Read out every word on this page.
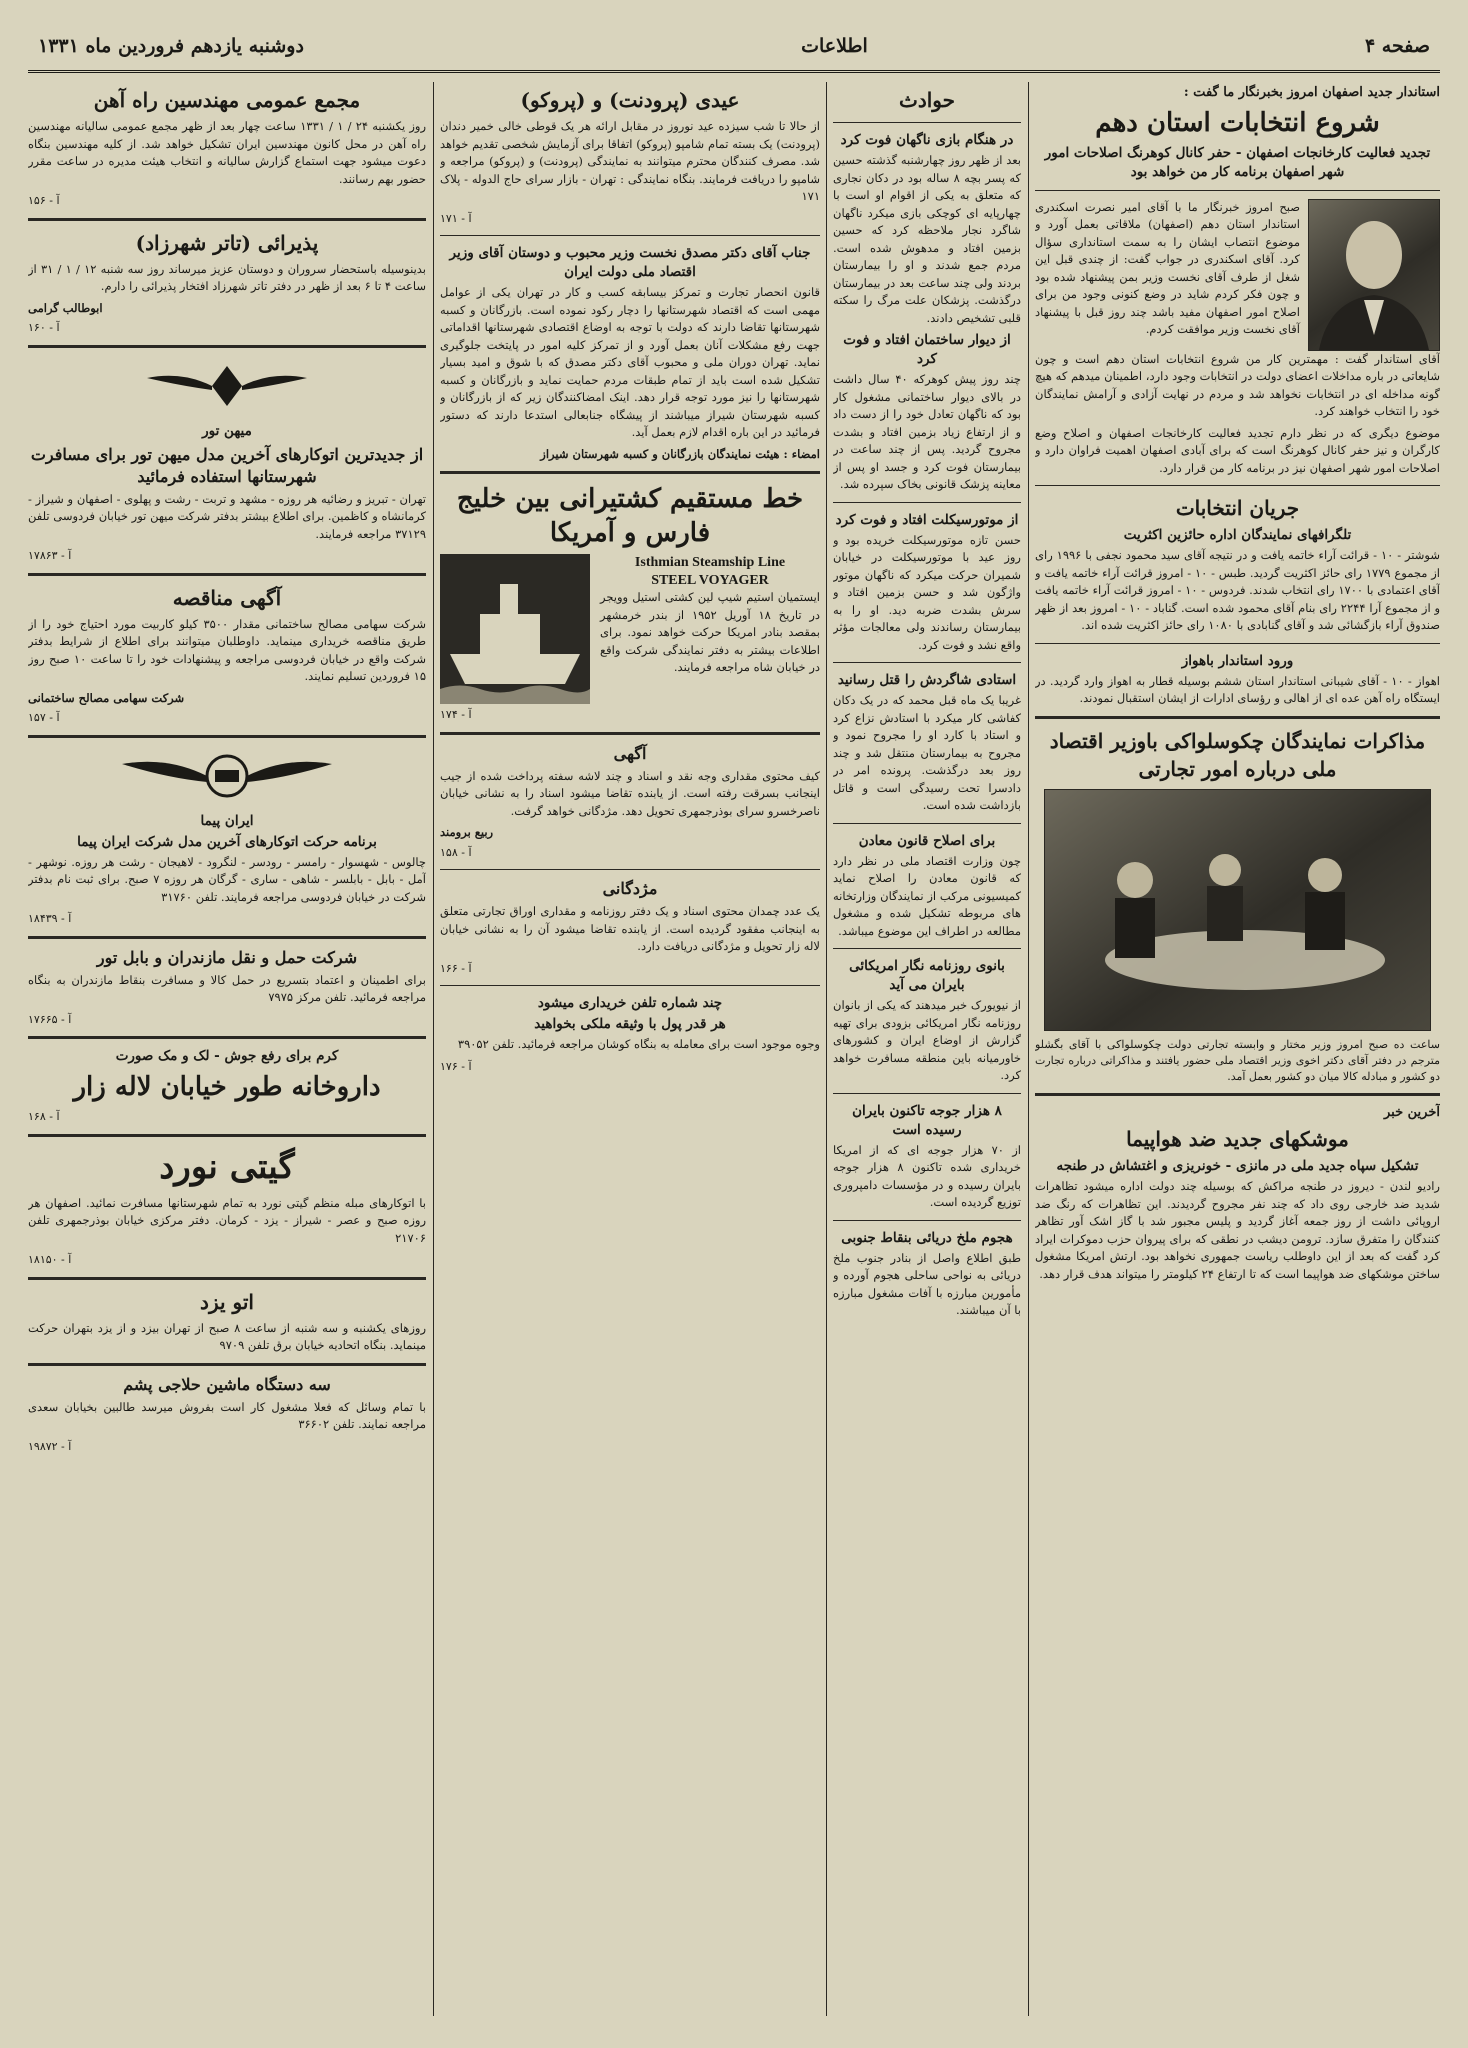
دوشنبه یازدهم فروردین ماه ۱۳۳۱	اطلاعات	صفحه ۴
استاندار جدید اصفهان امروز بخبرنگار ما گفت :
شروع انتخابات استان دهم
تجدید فعالیت کارخانجات اصفهان - حفر کانال کوهرنگ اصلاحات امور شهر اصفهان برنامه کار من خواهد بود

صبح امروز خبرنگار ما با آقای امیر نصرت اسکندری استاندار استان دهم (اصفهان) ملاقاتی بعمل آورد و موضوع انتصاب ایشان را به سمت استانداری سؤال کرد. آقای اسکندری در جواب گفت: از چندی قبل این شغل از طرف آقای نخست وزیر بمن پیشنهاد شده بود و چون فکر کردم شاید در وضع کنونی وجود من برای اصلاح امور اصفهان مفید باشد چند روز قبل با پیشنهاد آقای نخست وزیر موافقت کردم.

آقای استاندار گفت : مهمترین کار من شروع انتخابات استان دهم است و چون شایعاتی در باره مداخلات اعضای دولت در انتخابات وجود دارد، اطمینان میدهم که هیچ گونه مداخله ای در انتخابات نخواهد شد و مردم در نهایت آزادی و آرامش نمایندگان خود را انتخاب خواهند کرد.

موضوع دیگری که در نظر دارم تجدید فعالیت کارخانجات اصفهان و اصلاح وضع کارگران و نیز حفر کانال کوهرنگ است که برای آبادی اصفهان اهمیت فراوان دارد و اصلاحات امور شهر اصفهان نیز در برنامه کار من قرار دارد.

جریان انتخابات
تلگرافهای نمایندگان اداره حائزین اکثریت

شوشتر - ۱۰ - قرائت آراء خاتمه یافت و در نتیجه آقای سید محمود نجفی با ۱۹۹۶ رای از مجموع ۱۷۷۹ رای حائز اکثریت گردید. طبس - ۱۰ - امروز قرائت آراء خاتمه یافت و آقای اعتمادی با ۱۷۰۰ رای انتخاب شدند. فردوس - ۱۰ - امروز قرائت آراء خاتمه یافت و از مجموع آرا ۲۲۴۴ رای بنام آقای محمود شده است. گناباد - ۱۰ - امروز بعد از ظهر صندوق آراء بازگشائی شد و آقای گنابادی با ۱۰۸۰ رای حائز اکثریت شده اند.

ورود استاندار باهواز

اهواز - ۱۰ - آقای شیبانی استاندار استان ششم بوسیله قطار به اهواز وارد گردید. در ایستگاه راه آهن عده ای از اهالی و رؤسای ادارات از ایشان استقبال نمودند.

مذاکرات نمایندگان چکوسلواکی باوزیر اقتصاد ملی درباره امور تجارتی

ساعت ده صبح امروز وزیر مختار و وابسته تجارتی دولت چکوسلواکی با آقای بگشلو مترجم در دفتر آقای دکتر اخوی وزیر اقتصاد ملی حضور یافتند و مذاکراتی درباره تجارت دو کشور و مبادله کالا میان دو کشور بعمل آمد.

آخرین خبر
موشکهای جدید ضد هواپیما
تشکیل سپاه جدید ملی در مانزی - خونریزی و اغتشاش در طنجه

رادیو لندن - دیروز در طنجه مراکش که بوسیله چند دولت اداره میشود تظاهرات شدید ضد خارجی روی داد که چند نفر مجروح گردیدند. این تظاهرات که رنگ ضد اروپائی داشت از روز جمعه آغاز گردید و پلیس مجبور شد با گاز اشک آور تظاهر کنندگان را متفرق سازد. ترومن دیشب در نطقی که برای پیروان حزب دموکرات ایراد کرد گفت که بعد از این داوطلب ریاست جمهوری نخواهد بود. ارتش امریکا مشغول ساختن موشکهای ضد هواپیما است که تا ارتفاع ۲۴ کیلومتر را میتواند هدف قرار دهد.

حوادث
در هنگام بازی ناگهان فوت کرد

بعد از ظهر روز چهارشنبه گذشته حسین که پسر بچه ۸ ساله بود در دکان نجاری که متعلق به یکی از اقوام او است با چهارپایه ای کوچکی بازی میکرد ناگهان شاگرد نجار ملاحظه کرد که حسین بزمین افتاد و مدهوش شده است. مردم جمع شدند و او را بیمارستان بردند ولی چند ساعت بعد در بیمارستان درگذشت. پزشکان علت مرگ را سکته قلبی تشخیص دادند.

از دیوار ساختمان افتاد و فوت کرد

چند روز پیش کوهرکه ۴۰ سال داشت در بالای دیوار ساختمانی مشغول کار بود که ناگهان تعادل خود را از دست داد و از ارتفاع زیاد بزمین افتاد و بشدت مجروح گردید. پس از چند ساعت در بیمارستان فوت کرد و جسد او پس از معاینه پزشک قانونی بخاک سپرده شد.

از موتورسیکلت افتاد و فوت کرد

حسن تازه موتورسیکلت خریده بود و روز عید با موتورسیکلت در خیابان شمیران حرکت میکرد که ناگهان موتور واژگون شد و حسن بزمین افتاد و سرش بشدت ضربه دید. او را به بیمارستان رساندند ولی معالجات مؤثر واقع نشد و فوت کرد.

استادی شاگردش را قتل رسانید

غریبا یک ماه قبل محمد که در یک دکان کفاشی کار میکرد با استادش نزاع کرد و استاد با کارد او را مجروح نمود و مجروح به بیمارستان منتقل شد و چند روز بعد درگذشت. پرونده امر در دادسرا تحت رسیدگی است و قاتل بازداشت شده است.

برای اصلاح قانون معادن

چون وزارت اقتصاد ملی در نظر دارد که قانون معادن را اصلاح نماید کمیسیونی مرکب از نمایندگان وزارتخانه های مربوطه تشکیل شده و مشغول مطالعه در اطراف این موضوع میباشد.

بانوی روزنامه نگار امریکائی بایران می آید

از نیویورک خبر میدهند که یکی از بانوان روزنامه نگار امریکائی بزودی برای تهیه گزارش از اوضاع ایران و کشورهای خاورمیانه باین منطقه مسافرت خواهد کرد.

۸ هزار جوجه تاکنون بایران رسیده است

از ۷۰ هزار جوجه ای که از امریکا خریداری شده تاکنون ۸ هزار جوجه بایران رسیده و در مؤسسات دامپروری توزیع گردیده است.

هجوم ملخ دریائی بنقاط جنوبی

طبق اطلاع واصل از بنادر جنوب ملخ دریائی به نواحی ساحلی هجوم آورده و مأمورین مبارزه با آفات مشغول مبارزه با آن میباشند.

عیدی (پرودنت) و (پروکو)

از حالا تا شب سیزده عید نوروز در مقابل ارائه هر یک قوطی خالی خمیر دندان (پرودنت) یک بسته تمام شامپو (پروکو) اتفاقا برای آزمایش شخصی تقدیم خواهد شد. مصرف کنندگان محترم میتوانند به نمایندگی (پرودنت) و (پروکو) مراجعه و شامپو را دریافت فرمایند. بنگاه نمایندگی : تهران - بازار سرای حاج الدوله - پلاک ۱۷۱

آ - ۱۷۱
جناب آقای دکتر مصدق نخست وزیر محبوب و دوستان آقای وزیر اقتصاد ملی دولت ایران

قانون انحصار تجارت و تمرکز بیسابقه کسب و کار در تهران یکی از عوامل مهمی است که اقتصاد شهرستانها را دچار رکود نموده است. بازرگانان و کسبه شهرستانها تقاضا دارند که دولت با توجه به اوضاع اقتصادی شهرستانها اقداماتی جهت رفع مشکلات آنان بعمل آورد و از تمرکز کلیه امور در پایتخت جلوگیری نماید. تهران دوران ملی و محبوب آقای دکتر مصدق که با شوق و امید بسیار تشکیل شده است باید از تمام طبقات مردم حمایت نماید و بازرگانان و کسبه شهرستانها را نیز مورد توجه قرار دهد. اینک امضاکنندگان زیر که از بازرگانان و کسبه شهرستان شیراز میباشند از پیشگاه جنابعالی استدعا دارند که دستور فرمائید در این باره اقدام لازم بعمل آید.

امضاء : هیئت نمایندگان بازرگانان و کسبه شهرستان شیراز

خط مستقیم کشتیرانی بین خلیج فارس و آمریکا
Isthmian Steamship Line
STEEL VOYAGER

ایستمیان استیم شیپ لین کشتی استیل وویجر در تاریخ ۱۸ آوریل ۱۹۵۲ از بندر خرمشهر بمقصد بنادر امریکا حرکت خواهد نمود. برای اطلاعات بیشتر به دفتر نمایندگی شرکت واقع در خیابان شاه مراجعه فرمایند.

آ - ۱۷۴
آگهی

کیف محتوی مقداری وجه نقد و اسناد و چند لاشه سفته پرداخت شده از جیب اینجانب بسرقت رفته است. از یابنده تقاضا میشود اسناد را به نشانی خیابان ناصرخسرو سرای بوذرجمهری تحویل دهد. مژدگانی خواهد گرفت.

ربیع برومند
آ - ۱۵۸
مژدگانی

یک عدد چمدان محتوی اسناد و یک دفتر روزنامه و مقداری اوراق تجارتی متعلق به اینجانب مفقود گردیده است. از یابنده تقاضا میشود آن را به نشانی خیابان لاله زار تحویل و مژدگانی دریافت دارد.

آ - ۱۶۶
چند شماره تلفن خریداری میشود
هر قدر پول با وثیقه ملکی بخواهید

وجوه موجود است برای معامله به بنگاه کوشان مراجعه فرمائید. تلفن ۳۹۰۵۲

آ - ۱۷۶
مجمع عمومی مهندسین راه آهن

روز یکشنبه ۲۴ / ۱ / ۱۳۳۱ ساعت چهار بعد از ظهر مجمع عمومی سالیانه مهندسین راه آهن در محل کانون مهندسین ایران تشکیل خواهد شد. از کلیه مهندسین بنگاه دعوت میشود جهت استماع گزارش سالیانه و انتخاب هیئت مدیره در ساعت مقرر حضور بهم رسانند.

آ - ۱۵۶
پذیرائی (تاتر شهرزاد)

بدینوسیله باستحضار سروران و دوستان عزیز میرساند روز سه شنبه ۱۲ / ۱ / ۳۱ از ساعت ۴ تا ۶ بعد از ظهر در دفتر تاتر شهرزاد افتخار پذیرائی را دارم.

ابوطالب گرامی
آ - ۱۶۰
میهن تور
از جدیدترین اتوکارهای آخرین مدل میهن تور برای مسافرت شهرستانها استفاده فرمائید

تهران - تبریز و رضائیه هر روزه - مشهد و تربت - رشت و پهلوی - اصفهان و شیراز - کرمانشاه و کاظمین. برای اطلاع بیشتر بدفتر شرکت میهن تور خیابان فردوسی تلفن ۳۷۱۲۹ مراجعه فرمایند.

آ - ۱۷۸۶۳
آگهی مناقصه

شرکت سهامی مصالح ساختمانی مقدار ۳۵۰۰ کیلو کاربیت مورد احتیاج خود را از طریق مناقصه خریداری مینماید. داوطلبان میتوانند برای اطلاع از شرایط بدفتر شرکت واقع در خیابان فردوسی مراجعه و پیشنهادات خود را تا ساعت ۱۰ صبح روز ۱۵ فروردین تسلیم نمایند.

شرکت سهامی مصالح ساختمانی
آ - ۱۵۷
ایران پیما
برنامه حرکت اتوکارهای آخرین مدل شرکت ایران پیما

چالوس - شهسوار - رامسر - رودسر - لنگرود - لاهیجان - رشت هر روزه. نوشهر - آمل - بابل - بابلسر - شاهی - ساری - گرگان هر روزه ۷ صبح. برای ثبت نام بدفتر شرکت در خیابان فردوسی مراجعه فرمایند. تلفن ۳۱۷۶۰

آ - ۱۸۴۳۹
شرکت حمل و نقل مازندران و بابل تور

برای اطمینان و اعتماد بتسریع در حمل کالا و مسافرت بنقاط مازندران به بنگاه مراجعه فرمائید. تلفن مرکز ۷۹۷۵

آ - ۱۷۶۶۵
کرم برای رفع جوش - لک و مک صورت
داروخانه طور خیابان لاله زار
آ - ۱۶۸
گیتی نورد

با اتوکارهای مبله منظم گیتی نورد به تمام شهرستانها مسافرت نمائید. اصفهان هر روزه صبح و عصر - شیراز - یزد - کرمان. دفتر مرکزی خیابان بوذرجمهری تلفن ۲۱۷۰۶

آ - ۱۸۱۵۰
اتو یزد

روزهای یکشنبه و سه شنبه از ساعت ۸ صبح از تهران بیزد و از یزد بتهران حرکت مینماید. بنگاه اتحادیه خیابان برق تلفن ۹۷۰۹

سه دستگاه ماشین حلاجی پشم

با تمام وسائل که فعلا مشغول کار است بفروش میرسد طالبین بخیابان سعدی مراجعه نمایند. تلفن ۳۶۶۰۲

آ - ۱۹۸۷۲
